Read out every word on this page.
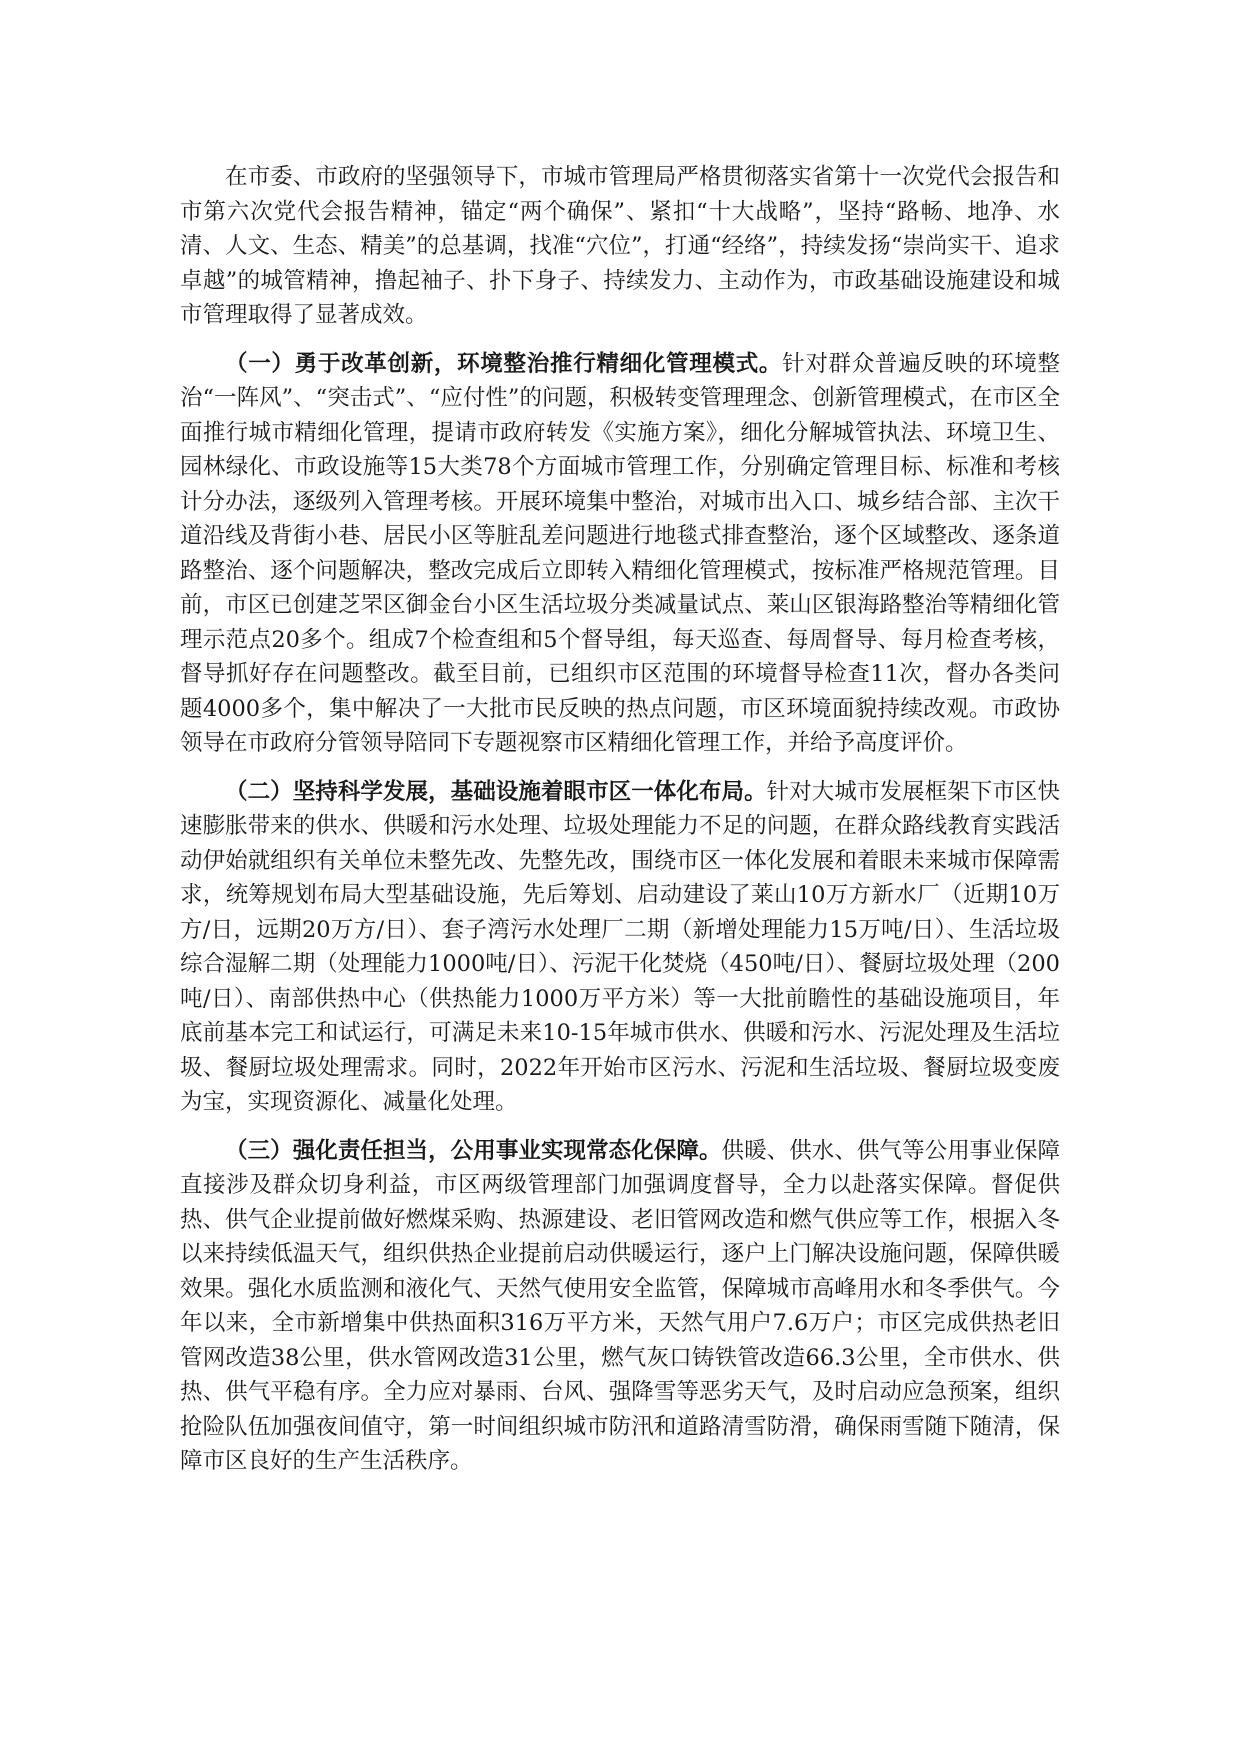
在市委、市政府的坚强领导下，市城市管理局严格贯彻落实省第十一次党代会报告和市第六次党代会报告精神，锚定“两个确保”、紧扣“十大战略”，坚持“路畅、地净、水清、人文、生态、精美”的总基调，找准“穴位”，打通“经络”，持续发扬“崇尚实干、追求卓越”的城管精神，撸起袖子、扑下身子、持续发力、主动作为，市政基础设施建设和城市管理取得了显著成效。

（一）勇于改革创新，环境整治推行精细化管理模式。针对群众普遍反映的环境整治“一阵风”、“突击式”、“应付性”的问题，积极转变管理理念、创新管理模式，在市区全面推行城市精细化管理，提请市政府转发《实施方案》，细化分解城管执法、环境卫生、园林绿化、市政设施等15大类78个方面城市管理工作，分别确定管理目标、标准和考核计分办法，逐级列入管理考核。开展环境集中整治，对城市出入口、城乡结合部、主次干道沿线及背街小巷、居民小区等脏乱差问题进行地毯式排查整治，逐个区域整改、逐条道路整治、逐个问题解决，整改完成后立即转入精细化管理模式，按标准严格规范管理。目前，市区已创建芝罘区御金台小区生活垃圾分类减量试点、莱山区银海路整治等精细化管理示范点20多个。组成7个检查组和5个督导组，每天巡查、每周督导、每月检查考核，督导抓好存在问题整改。截至目前，已组织市区范围的环境督导检查11次，督办各类问题4000多个，集中解决了一大批市民反映的热点问题，市区环境面貌持续改观。市政协领导在市政府分管领导陪同下专题视察市区精细化管理工作，并给予高度评价。

（二）坚持科学发展，基础设施着眼市区一体化布局。针对大城市发展框架下市区快速膨胀带来的供水、供暖和污水处理、垃圾处理能力不足的问题，在群众路线教育实践活动伊始就组织有关单位未整先改、先整先改，围绕市区一体化发展和着眼未来城市保障需求，统筹规划布局大型基础设施，先后筹划、启动建设了莱山10万方新水厂（近期10万方/日，远期20万方/日）、套子湾污水处理厂二期（新增处理能力15万吨/日）、生活垃圾综合湿解二期（处理能力1000吨/日）、污泥干化焚烧（450吨/日）、餐厨垃圾处理（200吨/日）、南部供热中心（供热能力1000万平方米）等一大批前瞻性的基础设施项目，年底前基本完工和试运行，可满足未来10-15年城市供水、供暖和污水、污泥处理及生活垃圾、餐厨垃圾处理需求。同时，2022年开始市区污水、污泥和生活垃圾、餐厨垃圾变废为宝，实现资源化、减量化处理。

（三）强化责任担当，公用事业实现常态化保障。供暖、供水、供气等公用事业保障直接涉及群众切身利益，市区两级管理部门加强调度督导，全力以赴落实保障。督促供热、供气企业提前做好燃煤采购、热源建设、老旧管网改造和燃气供应等工作，根据入冬以来持续低温天气，组织供热企业提前启动供暖运行，逐户上门解决设施问题，保障供暖效果。强化水质监测和液化气、天然气使用安全监管，保障城市高峰用水和冬季供气。今年以来，全市新增集中供热面积316万平方米，天然气用户7.6万户；市区完成供热老旧管网改造38公里，供水管网改造31公里，燃气灰口铸铁管改造66.3公里，全市供水、供热、供气平稳有序。全力应对暴雨、台风、强降雪等恶劣天气，及时启动应急预案，组织抢险队伍加强夜间值守，第一时间组织城市防汛和道路清雪防滑，确保雨雪随下随清，保障市区良好的生产生活秩序。
